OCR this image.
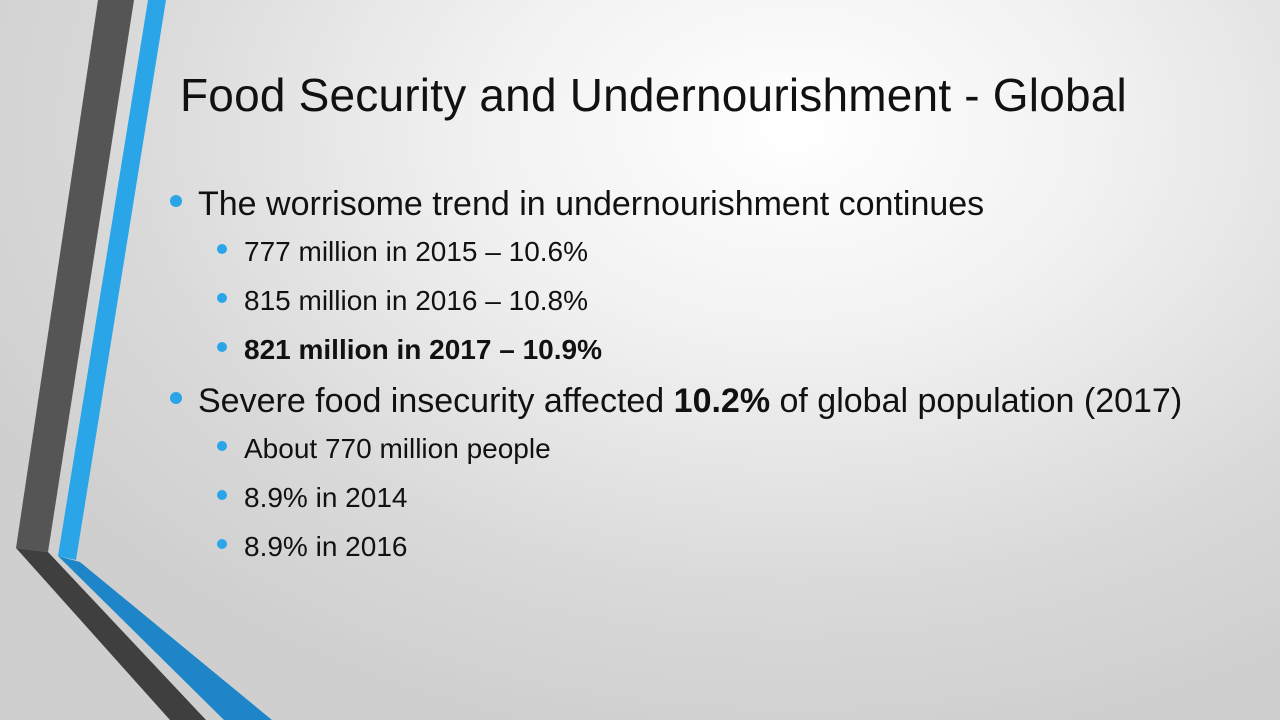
Food Security and Undernourishment - Global
The worrisome trend in undernourishment continues
777 million in 2015 – 10.6%
815 million in 2016 – 10.8%
821 million in 2017 – 10.9%
Severe food insecurity affected 10.2% of global population (2017)
About 770 million people
8.9% in 2014
8.9% in 2016
